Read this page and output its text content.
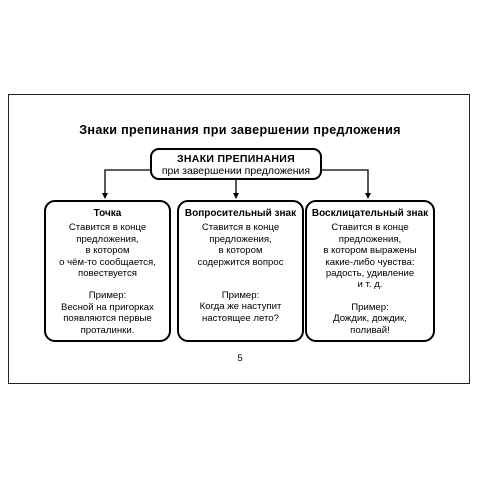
Знаки препинания при завершении предложения
ЗНАКИ ПРЕПИНАНИЯ
при завершении предложения
Точка
Ставится в конце
предложения,
в котором
о чём-то сообщается,
повествуется
Пример:
Весной на пригорках
появляются первые
проталинки.
Вопросительный знак
Ставится в конце
предложения,
в котором
содержится вопрос
Пример:
Когда же наступит
настоящее лето?
Восклицательный знак
Ставится в конце
предложения,
в котором выражены
какие-либо чувства:
радость, удивление
и т. д.
Пример:
Дождик, дождик,
поливай!
5
